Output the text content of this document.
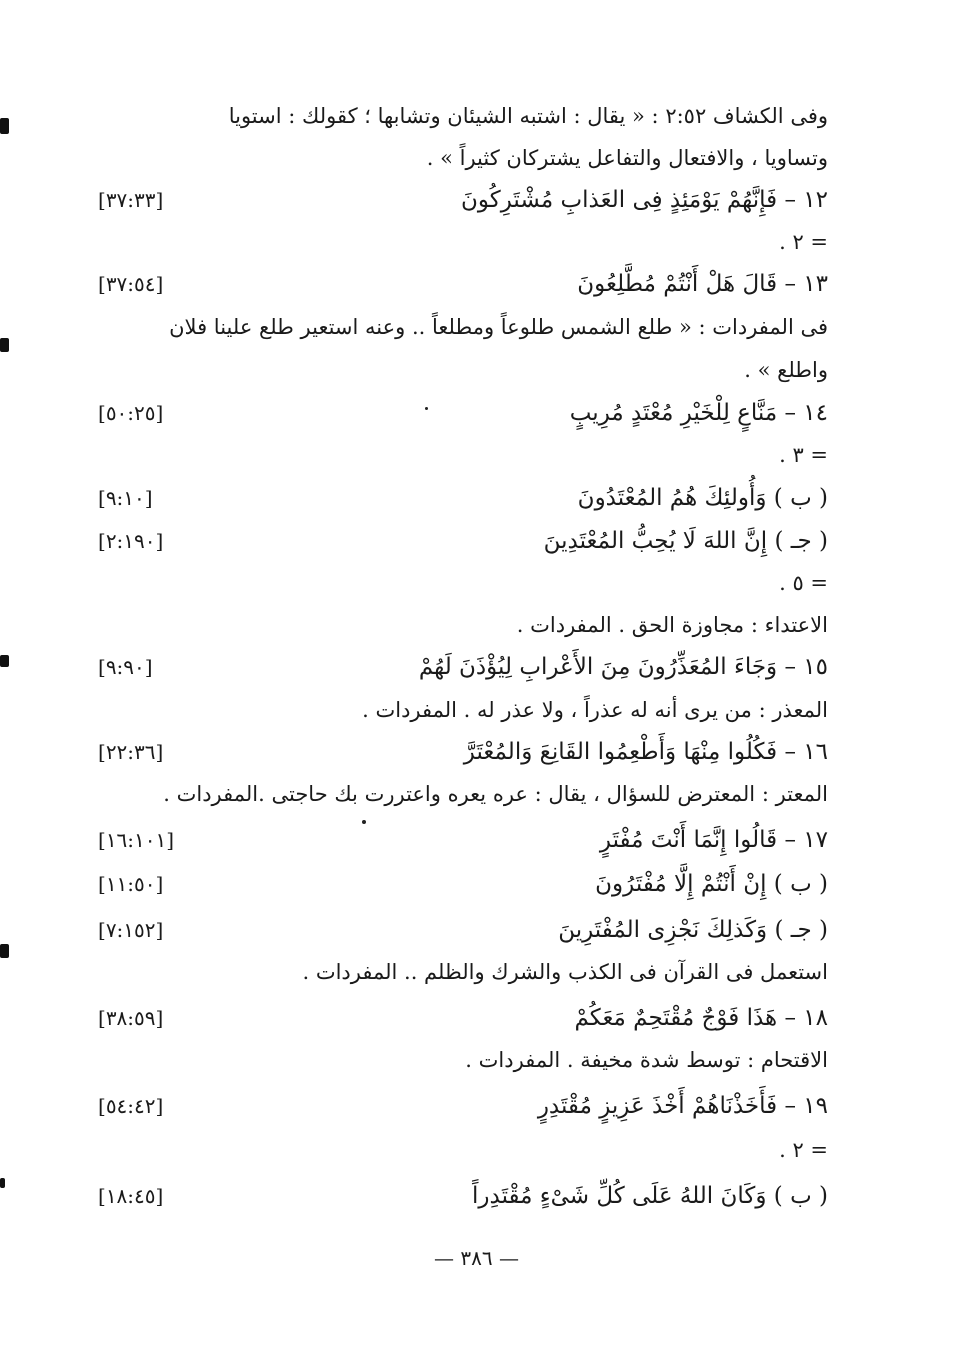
وفى الكشاف ٢:٥٢ : « يقال : اشتبه الشيئان وتشابها ؛ كقولك : استويا
وتساويا ، والافتعال والتفاعل يشتركان كثيراً » .
١٢ – فَإِنَّهُمْ يَوْمَئِذٍ فِى العَذابِ مُشْتَرِكُونَ
[٣٧:٣٣]
= ٢ .
١٣ – قَالَ هَلْ أَنْتُمْ مُطَّلِعُونَ
[٣٧:٥٤]
فى المفردات : « طلع الشمس طلوعاً ومطلعاً .. وعنه استعير طلع علينا فلان
واطلع » .
١٤ – مَنَّاعٍ لِلْخَيْرِ مُعْتَدٍ مُرِيبٍ
[٥٠:٢٥]
= ٣ .
( ب ) وَأُولئِكَ هُمُ المُعْتَدُونَ
[٩:١٠]
( جـ ) إِنَّ اللهَ لَا يُحِبُّ المُعْتَدِينَ
[٢:١٩٠]
= ٥ .
الاعتداء : مجاوزة الحق . المفردات .
١٥ – وَجَاءَ المُعَذِّرُونَ مِنَ الأَعْرابِ لِيُؤْذَنَ لَهُمْ
[٩:٩٠]
المعذر : من يرى أنه له عذراً ، ولا عذر له . المفردات .
١٦ – فَكُلُوا مِنْهَا وَأَطْعِمُوا القَانِعَ وَالمُعْتَرَّ
[٢٢:٣٦]
المعتر : المعترض للسؤال ، يقال : عره يعره واعتررت بك حاجتى .المفردات .
١٧ – قَالُوا إِنَّمَا أَنْتَ مُفْتَرٍ
[١٦:١٠١]
( ب ) إِنْ أَنْتُمْ إِلَّا مُفْتَرُونَ
[١١:٥٠]
( جـ ) وَكَذلِكَ نَجْزِى المُفْتَرِينَ
[٧:١٥٢]
استعمل فى القرآن فى الكذب والشرك والظلم .. المفردات .
١٨ – هَذَا فَوْجٌ مُقْتَحِمٌ مَعَكُمْ
[٣٨:٥٩]
الاقتحام : توسط شدة مخيفة . المفردات .
١٩ – فَأَخَذْنَاهُمْ أَخْذَ عَزِيزٍ مُقْتَدِرٍ
[٥٤:٤٢]
= ٢ .
( ب ) وَكَانَ اللهُ عَلَى كُلِّ شَىْءٍ مُقْتَدِراً
[١٨:٤٥]
— ٣٨٦ —
